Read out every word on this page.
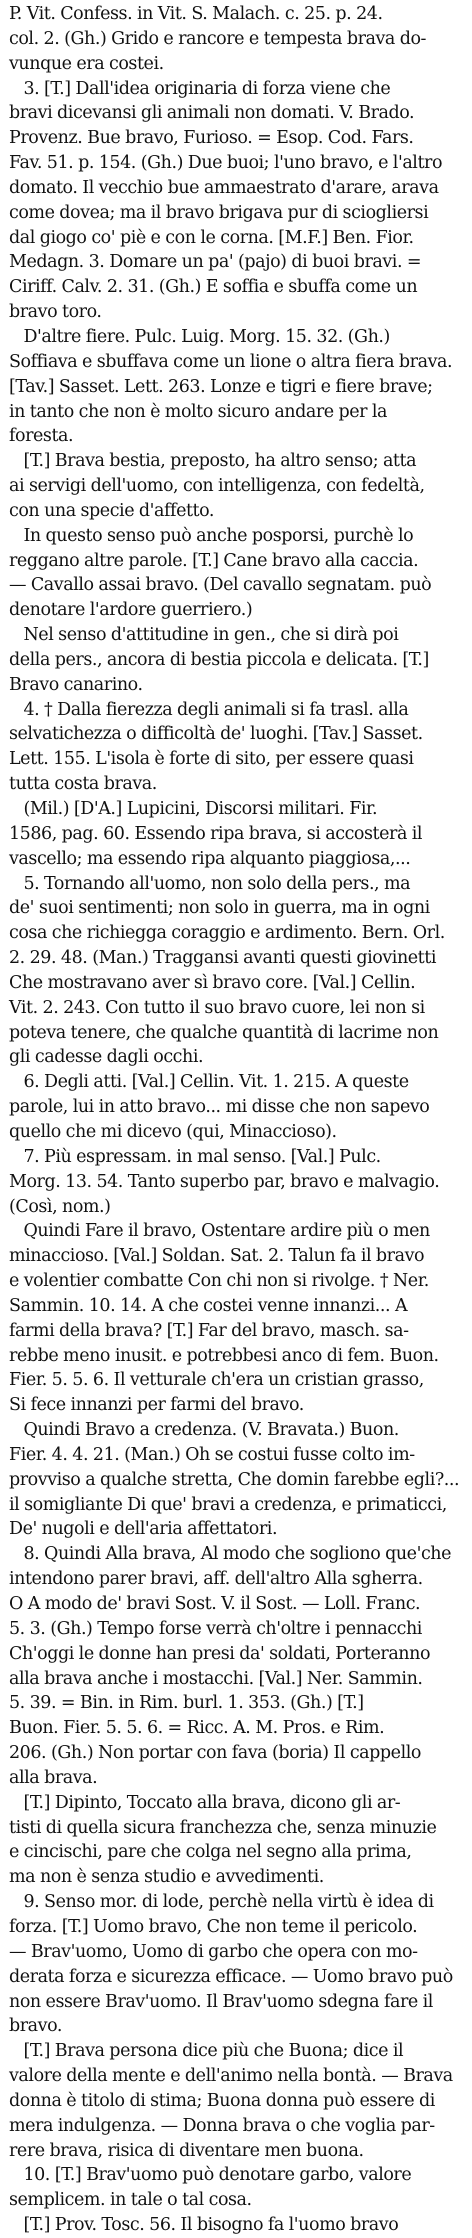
P. Vit. Confess. in Vit. S. Malach. c. 25. p. 24.
col. 2. (Gh.) Grido e rancore e tempesta brava do-
vunque era costei.
3. [T.] Dall'idea originaria di forza viene che
bravi dicevansi gli animali non domati. V. Brado.
Provenz. Bue bravo, Furioso. = Esop. Cod. Fars.
Fav. 51. p. 154. (Gh.) Due buoi; l'uno bravo, e l'altro
domato. Il vecchio bue ammaestrato d'arare, arava
come doveа; ma il bravo brigava pur di sciogliersi
dal giogo co' piè e con le corna. [M.F.] Ben. Fior.
Medagn. 3. Domare un pa' (pajo) di buoi bravi. =
Ciriff. Calv. 2. 31. (Gh.) E soffia e sbuffa come un
bravo toro.
D'altre fiere. Pulc. Luig. Morg. 15. 32. (Gh.)
Soffiava e sbuffava come un lione o altra fiera brava.
[Tav.] Sasset. Lett. 263. Lonze e tigri e fiere brave;
in tanto che non è molto sicuro andare per la
foresta.
[T.] Brava bestia, preposto, ha altro senso; atta
ai servigi dell'uomo, con intelligenza, con fedeltà,
con una specie d'affetto.
In questo senso può anche posporsi, purchè lo
reggano altre parole. [T.] Cane bravo alla caccia.
— Cavallo assai bravo. (Del cavallo segnatam. può
denotare l'ardore guerriero.)
Nel senso d'attitudine in gen., che si dirà poi
della pers., ancora di bestia piccola e delicata. [T.]
Bravo canarino.
4. † Dalla fierezza degli animali si fa trasl. alla
selvatichezza o difficoltà de' luoghi. [Tav.] Sasset.
Lett. 155. L'isola è forte di sito, per essere quasi
tutta costa brava.
(Mil.) [D'A.] Lupicini, Discorsi militari. Fir.
1586, pag. 60. Essendo ripa brava, si accosterà il
vascello; ma essendo ripa alquanto piaggiosa,...
5. Tornando all'uomo, non solo della pers., ma
de' suoi sentimenti; non solo in guerra, ma in ogni
cosa che richiegga coraggio e ardimento. Bern. Orl.
2. 29. 48. (Man.) Traggansi avanti questi giovinetti
Che mostravano aver sì bravo core. [Val.] Cellin.
Vit. 2. 243. Con tutto il suo bravo cuore, lei non si
poteva tenere, che qualche quantità di lacrime non
gli cadesse dagli occhi.
6. Degli atti. [Val.] Cellin. Vit. 1. 215. A queste
parole, lui in atto bravo... mi disse che non sapevo
quello che mi dicevo (qui, Minaccioso).
7. Più espressam. in mal senso. [Val.] Pulc.
Morg. 13. 54. Tanto superbo par, bravo e malvagio.
(Così, nom.)
Quindi Fare il bravo, Ostentare ardire più o men
minaccioso. [Val.] Soldan. Sat. 2. Talun fa il bravo
e volentier combatte Con chi non si rivolge. † Ner.
Sammin. 10. 14. A che costei venne innanzi... A
farmi della bravа? [T.] Far del bravo, masch. sa-
rebbe meno inusit. e potrebbesi anco di fem. Buon.
Fier. 5. 5. 6. Il vetturale ch'era un cristian grasso,
Si fece innanzi per farmi del bravo.
Quindi Bravo a credenza. (V. Bravata.) Buon.
Fier. 4. 4. 21. (Man.) Oh se costui fusse colto im-
provviso a qualche stretta, Che domin farebbe egli?...
il somigliante Di que' bravi a credenza, e primaticci,
De' nugoli e dell'aria affettatori.
8. Quindi Alla brava, Al modo che sogliono que'che
intendono parer bravi, aff. dell'altro Alla sgherra.
O A modo de' bravi Sost. V. il Sost. — Loll. Franc.
5. 3. (Gh.) Tempo forse verrà ch'oltre i pennacchi
Ch'oggi le donne han presi da' soldati, Porteranno
alla brava anche i mostacchi. [Val.] Ner. Sammin.
5. 39. = Bin. in Rim. burl. 1. 353. (Gh.) [T.]
Buon. Fier. 5. 5. 6. = Ricc. A. M. Pros. e Rim.
206. (Gh.) Non portar con fava (boria) Il cappello
alla brava.
[T.] Dipinto, Toccato alla brava, dicono gli ar-
tisti di quella sicura franchezza che, senza minuzie
e cincischi, pare che colga nel segno alla prima,
ma non è senza studio e avvedimenti.
9. Senso mor. di lode, perchè nella virtù è idea di
forza. [T.] Uomo bravo, Che non teme il pericolo.
— Brav'uomo, Uomo di garbo che opera con mo-
derata forza e sicurezza efficace. — Uomo bravo può
non essere Brav'uomo. Il Brav'uomo sdegna fare il
bravo.
[T.] Brava persona dice più che Buona; dice il
valore della mente e dell'animo nella bontà. — Brava
donna è titolo di stima; Buona donna può essere di
mera indulgenza. — Donna brava o che voglia par-
rere brava, risica di diventare men buona.
10. [T.] Brav'uomo può denotare garbo, valore
semplicem. in tale o tal cosa.
[T.] Prov. Tosc. 56. Il bisogno fa l'uomo bravo
